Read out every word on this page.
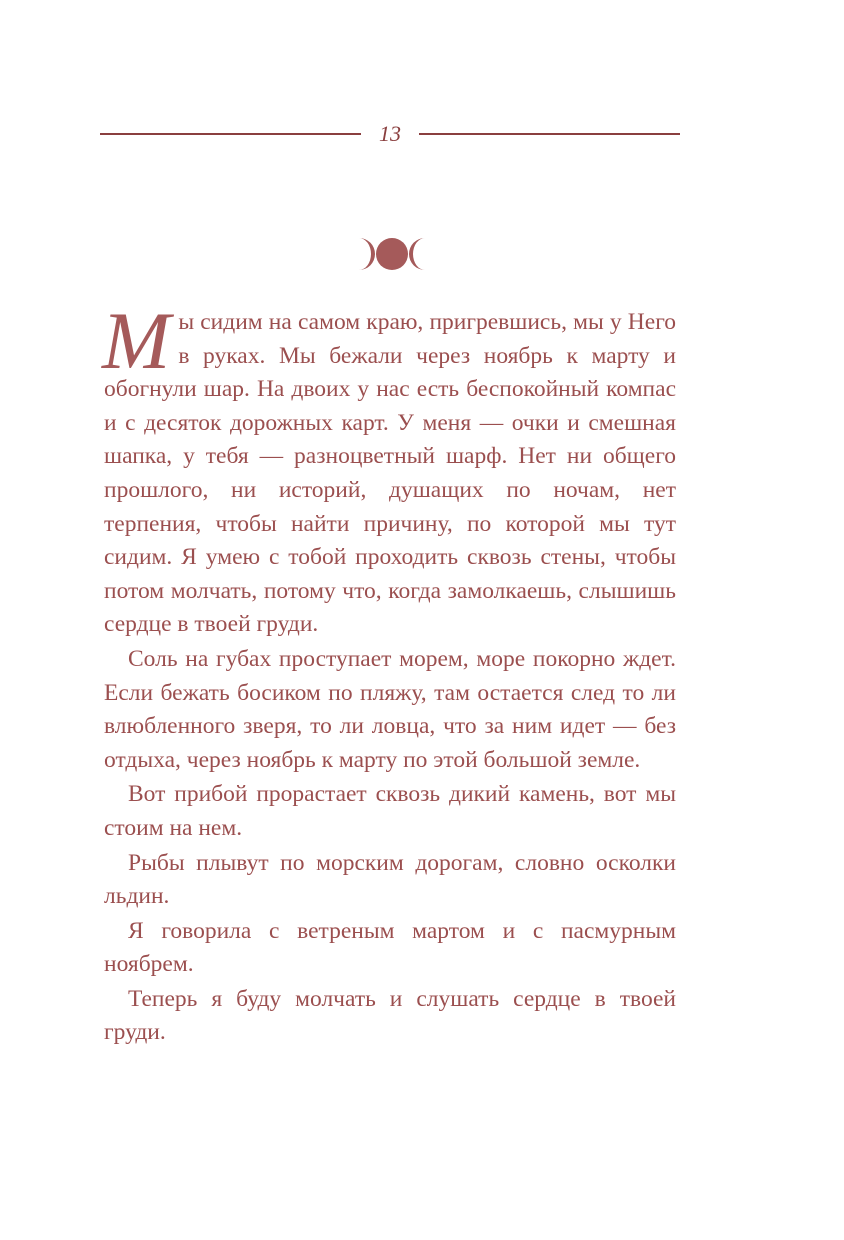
13

Мы сидим на самом краю, пригревшись, мы у Него в руках. Мы бежали через ноябрь к марту и обогнули шар. На двоих у нас есть беспокойный компас и с десяток дорожных карт. У меня — очки и смешная шапка, у тебя — разноцветный шарф. Нет ни общего прошлого, ни историй, душащих по ночам, нет терпения, чтобы найти причину, по которой мы тут сидим. Я умею с тобой проходить сквозь стены, чтобы потом молчать, потому что, когда замолкаешь, слышишь сердце в твоей груди.

Соль на губах проступает морем, море покорно ждет. Если бежать босиком по пляжу, там остается след то ли влюбленного зверя, то ли ловца, что за ним идет — без отдыха, через ноябрь к марту по этой большой земле.

Вот прибой прорастает сквозь дикий камень, вот мы стоим на нем.

Рыбы плывут по морским дорогам, словно осколки льдин.

Я говорила с ветреным мартом и с пасмурным ноябрем.

Теперь я буду молчать и слушать сердце в твоей груди.
